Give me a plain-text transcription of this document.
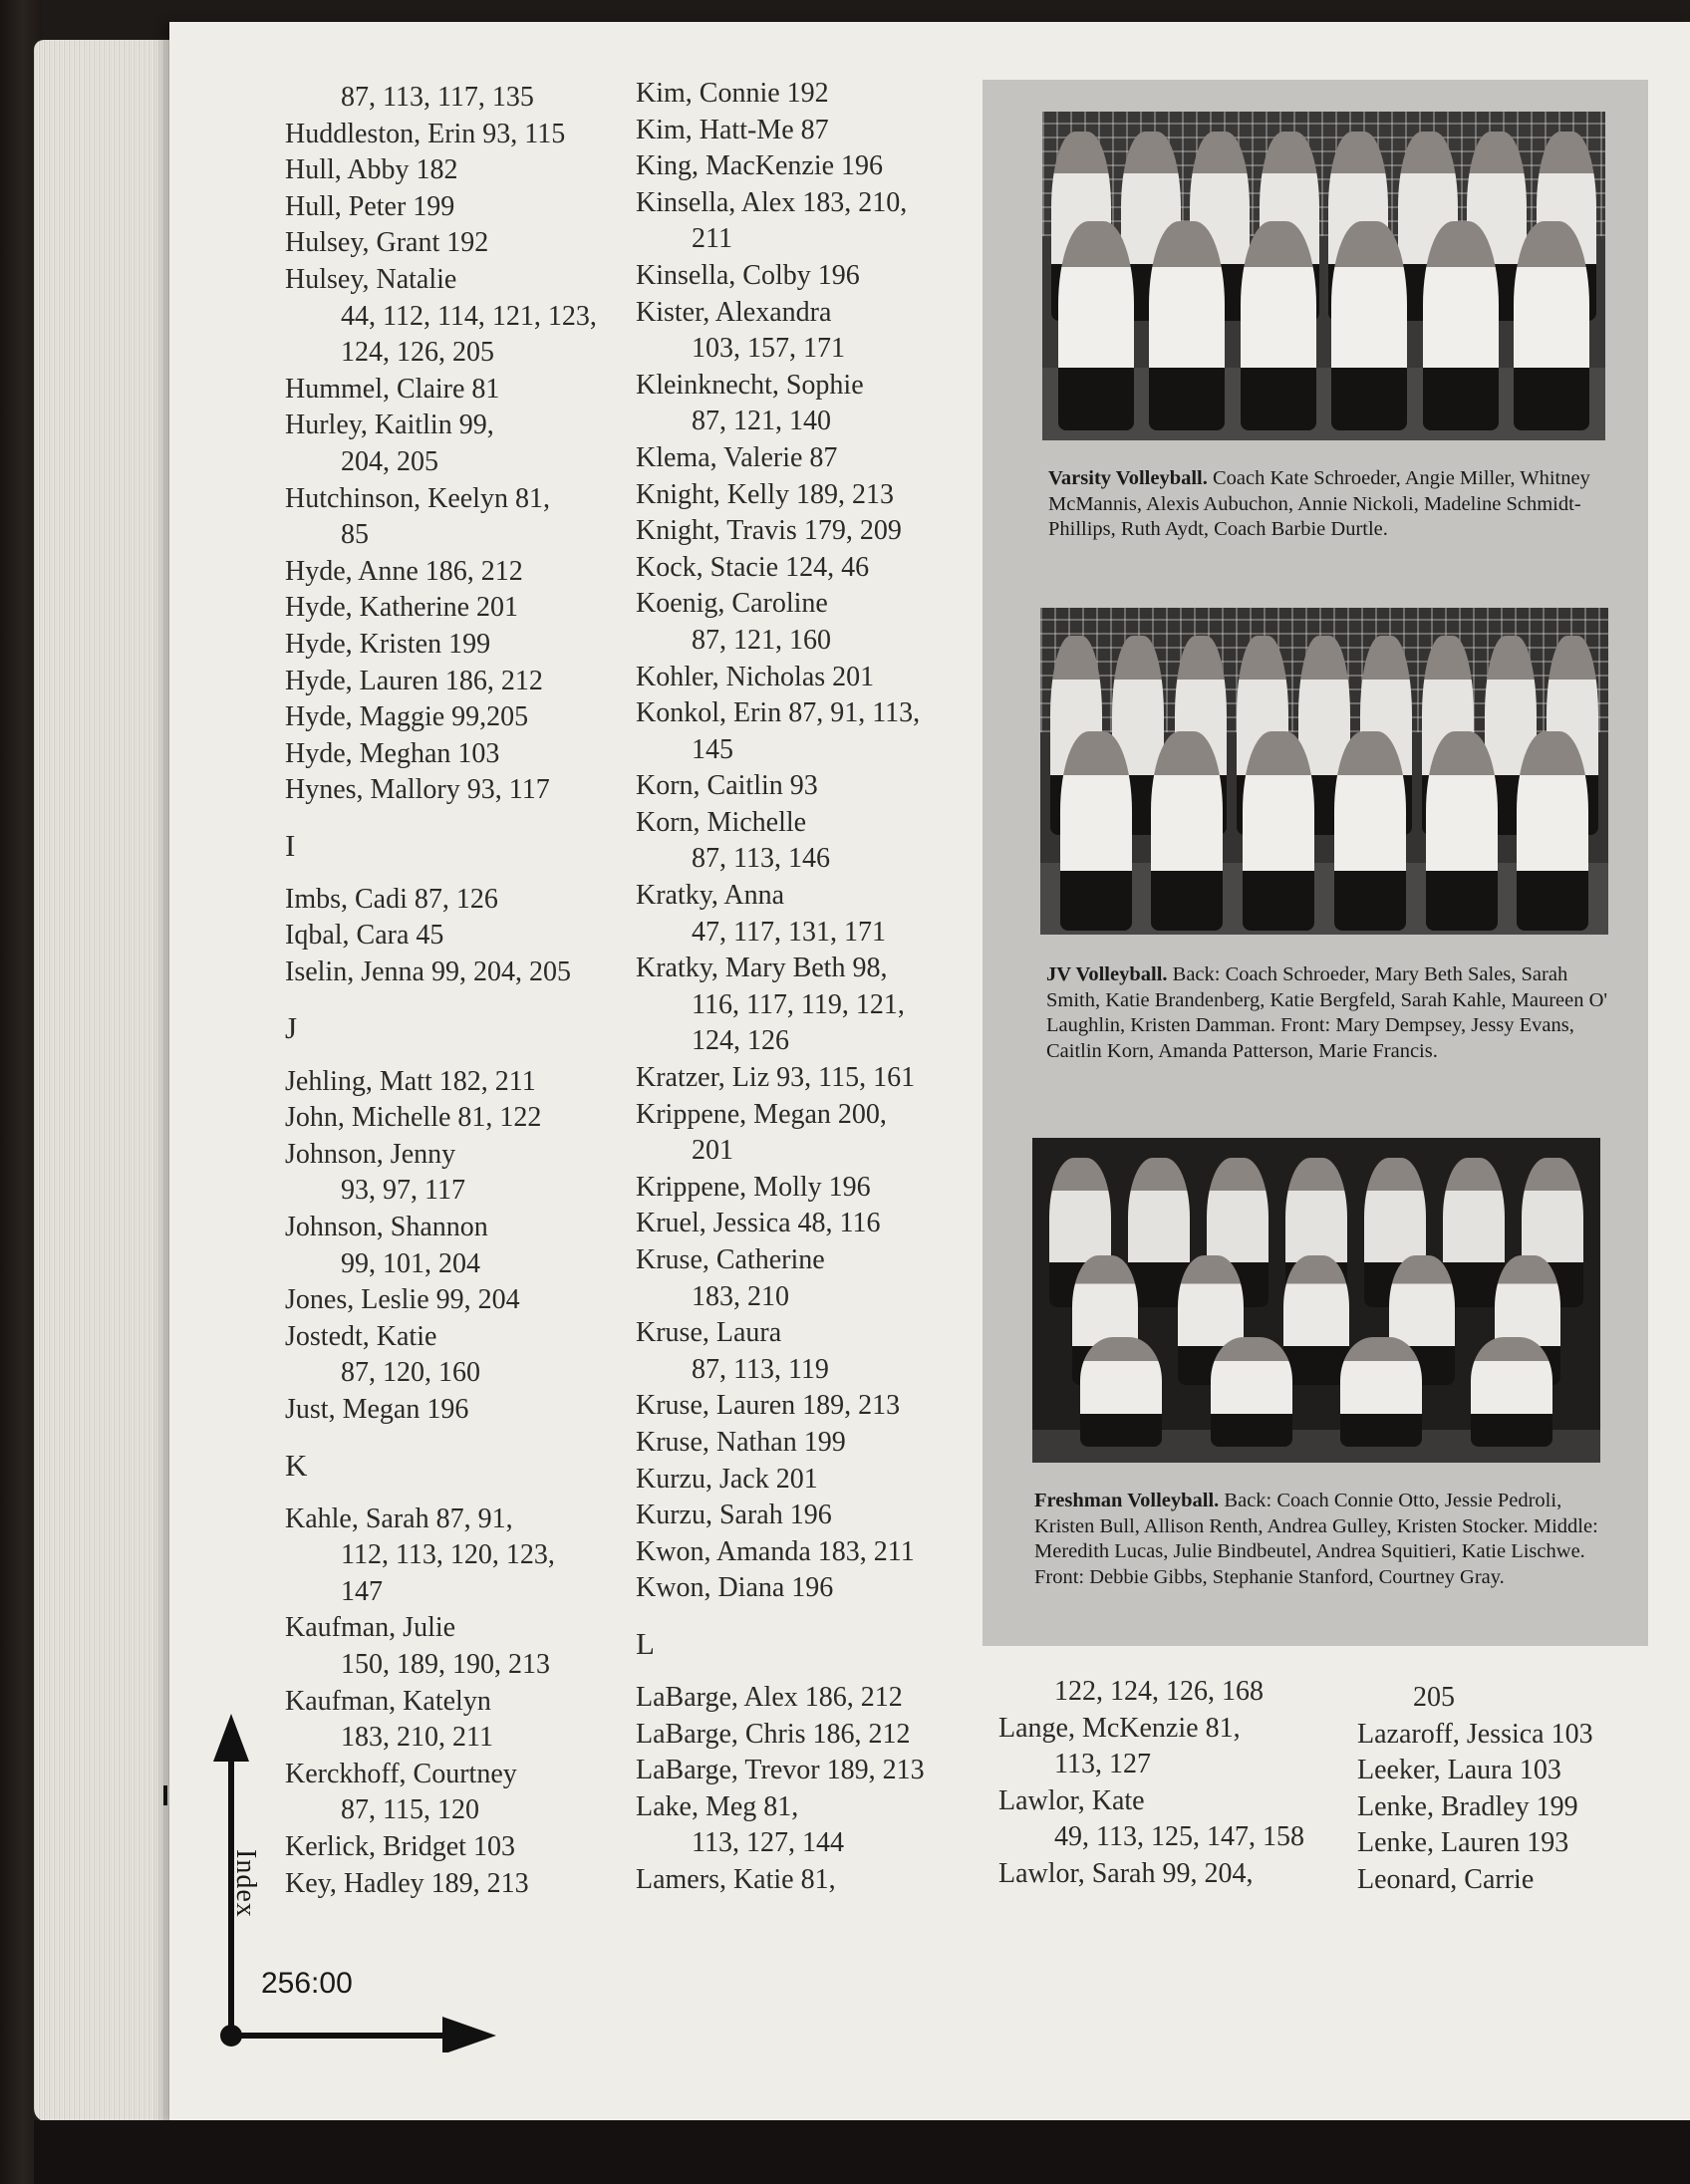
87, 113, 117, 135
Huddleston, Erin 93, 115
Hull, Abby 182
Hull, Peter 199
Hulsey, Grant 192
Hulsey, Natalie
44, 112, 114, 121, 123,
124, 126, 205
Hummel, Claire 81
Hurley, Kaitlin 99,
204, 205
Hutchinson, Keelyn 81,
85
Hyde, Anne 186, 212
Hyde, Katherine 201
Hyde, Kristen 199
Hyde, Lauren 186, 212
Hyde, Maggie 99,205
Hyde, Meghan 103
Hynes, Mallory 93, 117
I
Imbs, Cadi 87, 126
Iqbal, Cara 45
Iselin, Jenna 99, 204, 205
J
Jehling, Matt 182, 211
John, Michelle 81, 122
Johnson, Jenny
93, 97, 117
Johnson, Shannon
99, 101, 204
Jones, Leslie 99, 204
Jostedt, Katie
87, 120, 160
Just, Megan 196
K
Kahle, Sarah 87, 91,
112, 113, 120, 123,
147
Kaufman, Julie
150, 189, 190, 213
Kaufman, Katelyn
183, 210, 211
Kerckhoff, Courtney
87, 115, 120
Kerlick, Bridget 103
Key, Hadley 189, 213
Kim, Connie 192
Kim, Hatt-Me 87
King, MacKenzie 196
Kinsella, Alex 183, 210,
211
Kinsella, Colby 196
Kister, Alexandra
103, 157, 171
Kleinknecht, Sophie
87, 121, 140
Klema, Valerie 87
Knight, Kelly 189, 213
Knight, Travis 179, 209
Kock, Stacie 124, 46
Koenig, Caroline
87, 121, 160
Kohler, Nicholas 201
Konkol, Erin 87, 91, 113,
145
Korn, Caitlin 93
Korn, Michelle
87, 113, 146
Kratky, Anna
47, 117, 131, 171
Kratky, Mary Beth 98,
116, 117, 119, 121,
124, 126
Kratzer, Liz 93, 115, 161
Krippene, Megan 200,
201
Krippene, Molly 196
Kruel, Jessica 48, 116
Kruse, Catherine
183, 210
Kruse, Laura
87, 113, 119
Kruse, Lauren 189, 213
Kruse, Nathan 199
Kurzu, Jack 201
Kurzu, Sarah 196
Kwon, Amanda 183, 211
Kwon, Diana 196
L
LaBarge, Alex 186, 212
LaBarge, Chris 186, 212
LaBarge, Trevor 189, 213
Lake, Meg 81,
113, 127, 144
Lamers, Katie 81,
122, 124, 126, 168
Lange, McKenzie 81,
113, 127
Lawlor, Kate
49, 113, 125, 147, 158
Lawlor, Sarah 99, 204,
205
Lazaroff, Jessica 103
Leeker, Laura 103
Lenke, Bradley 199
Lenke, Lauren 193
Leonard, Carrie
Varsity Volleyball. Coach Kate Schroeder, Angie Miller, Whitney McMannis, Alexis Aubuchon, Annie Nickoli, Madeline Schmidt-Phillips, Ruth Aydt, Coach Barbie Durtle.
JV Volleyball. Back: Coach Schroeder, Mary Beth Sales, Sarah Smith, Katie Brandenberg, Katie Bergfeld, Sarah Kahle, Maureen O' Laughlin, Kristen Damman. Front: Mary Dempsey, Jessy Evans, Caitlin Korn, Amanda Patterson, Marie Francis.
Freshman Volleyball. Back: Coach Connie Otto, Jessie Pedroli, Kristen Bull, Allison Renth, Andrea Gulley, Kristen Stocker. Middle: Meredith Lucas, Julie Bindbeutel, Andrea Squitieri, Katie Lischwe. Front: Debbie Gibbs, Stephanie Stanford, Courtney Gray.
Index
256:00
